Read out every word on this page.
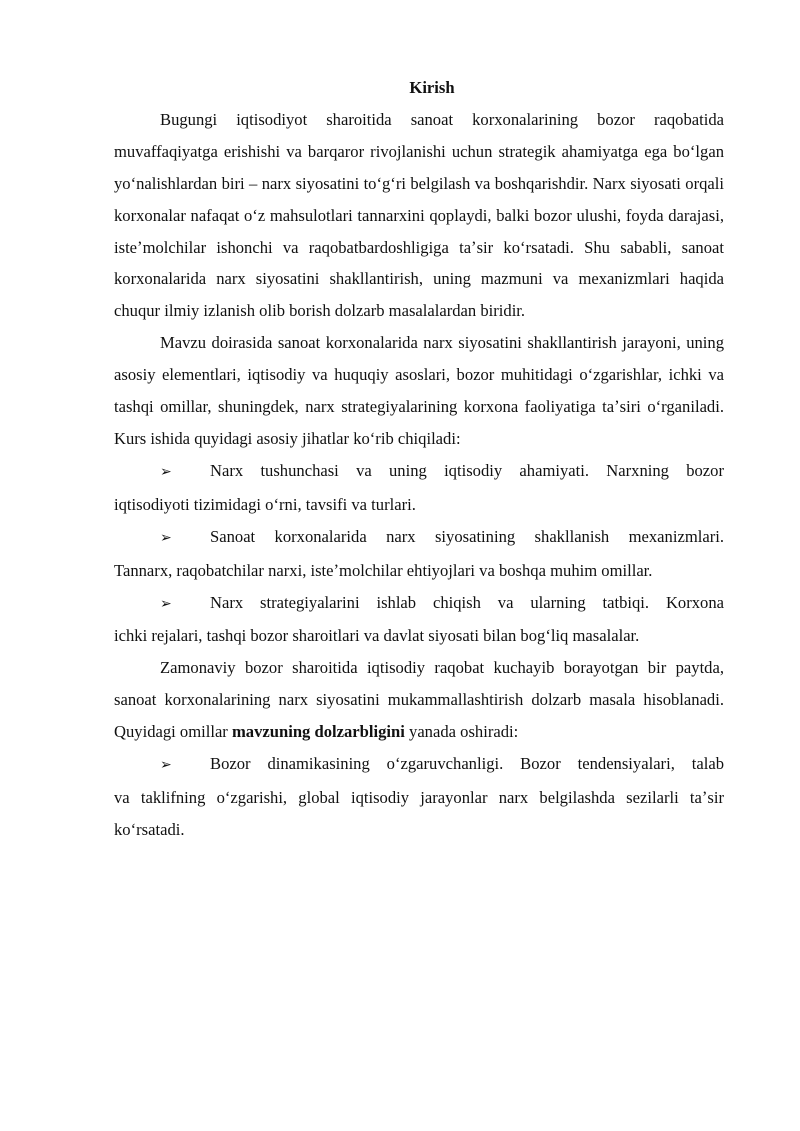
Kirish

Bugungi iqtisodiyot sharoitida sanoat korxonalarining bozor raqobatida muvaffaqiyatga erishishi va barqaror rivojlanishi uchun strategik ahamiyatga ega boʻlgan yoʻnalishlardan biri – narx siyosatini toʻgʻri belgilash va boshqarishdir. Narx siyosati orqali korxonalar nafaqat oʻz mahsulotlari tannarxini qoplaydi, balki bozor ulushi, foyda darajasi, isteʼmolchilar ishonchi va raqobatbardoshligiga taʼsir koʻrsatadi. Shu sababli, sanoat korxonalarida narx siyosatini shakllantirish, uning mazmuni va mexanizmlari haqida chuqur ilmiy izlanish olib borish dolzarb masalalardan biridir.

Mavzu doirasida sanoat korxonalarida narx siyosatini shakllantirish jarayoni, uning asosiy elementlari, iqtisodiy va huquqiy asoslari, bozor muhitidagi oʻzgarishlar, ichki va tashqi omillar, shuningdek, narx strategiyalarining korxona faoliyatiga taʼsiri oʻrganiladi. Kurs ishida quyidagi asosiy jihatlar koʻrib chiqiladi:

➢	Narx tushunchasi va uning iqtisodiy ahamiyati. Narxning bozor

iqtisodiyoti tizimidagi oʻrni, tavsifi va turlari.

➢	Sanoat korxonalarida narx siyosatining shakllanish mexanizmlari.

Tannarx, raqobatchilar narxi, isteʼmolchilar ehtiyojlari va boshqa muhim omillar.

➢	Narx strategiyalarini ishlab chiqish va ularning tatbiqi. Korxona

ichki rejalari, tashqi bozor sharoitlari va davlat siyosati bilan bogʻliq masalalar.

Zamonaviy bozor sharoitida iqtisodiy raqobat kuchayib borayotgan bir paytda, sanoat korxonalarining narx siyosatini mukammallashtirish dolzarb masala hisoblanadi. Quyidagi omillar mavzuning dolzarbligini yanada oshiradi:

➢	Bozor dinamikasining oʻzgaruvchanligi. Bozor tendensiyalari, talab

va taklifning oʻzgarishi, global iqtisodiy jarayonlar narx belgilashda sezilarli taʼsir koʻrsatadi.
